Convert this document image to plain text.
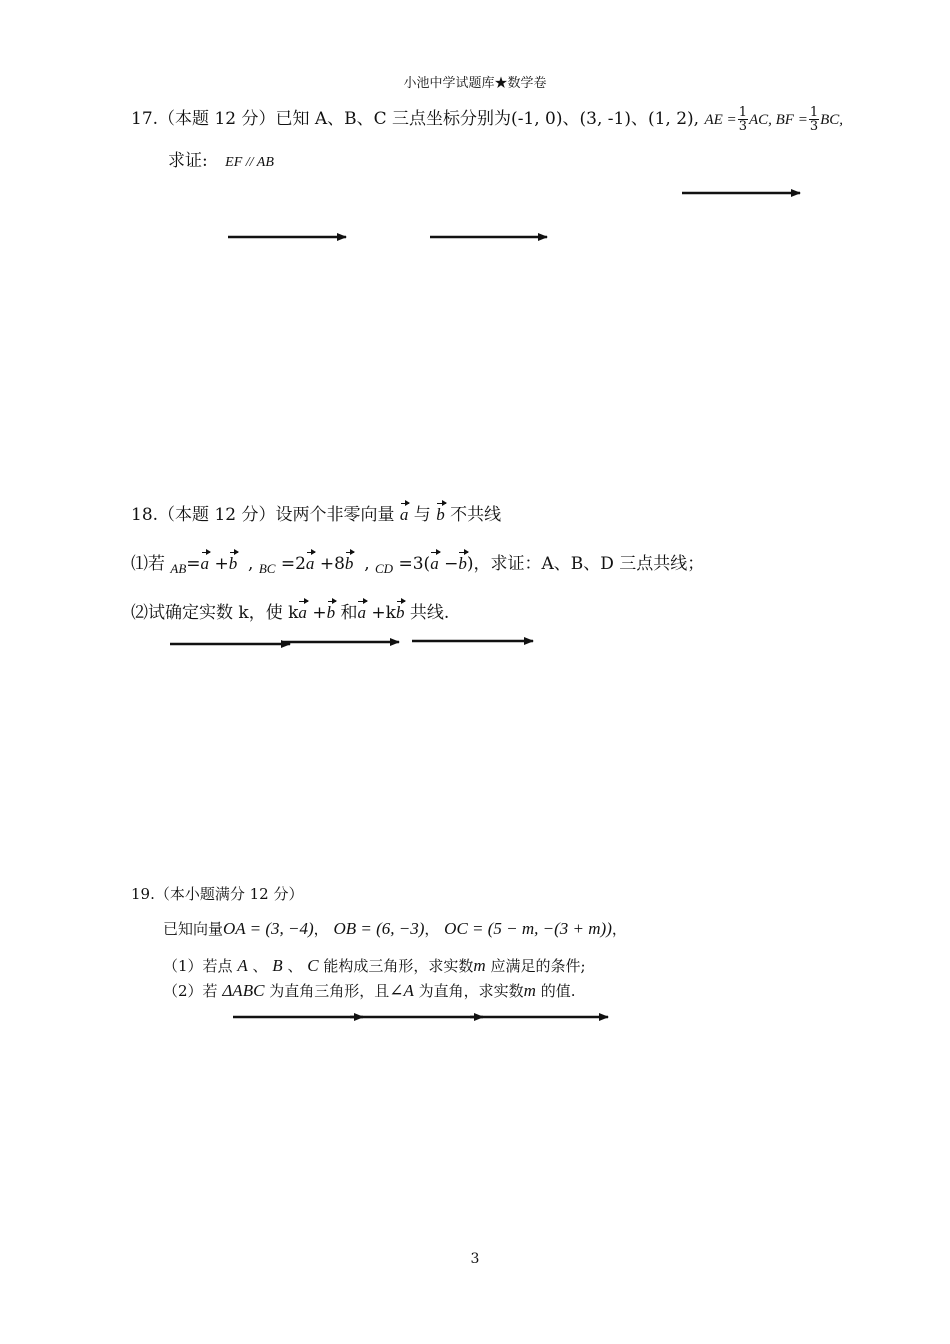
小池中学试题库★数学卷
17.（本题 12 分）已知 A、B、C 三点坐标分别为(-1, 0)、(3, -1)、(1, 2), AE = $\frac{1}{3}$ AC, BF = $\frac{1}{3}$ BC,
求证: EF // AB
18.（本题 12 分）设两个非零向量 a 与 b 不共线
⑴若 $_{AB}$=a +b  , $_{BC}$ =2a +8b  , $_{CD}$ =3(a −b)，求证：A、B、D 三点共线；
⑵试确定实数 k，使 ka +b 和a +kb 共线.
19.（本小题满分 12 分）
已知向量OA = (3, −4)， OB = (6, −3)， OC = (5 − m, −(3 + m))，
（1）若点 A 、 B 、 C 能构成三角形，求实数m 应满足的条件;
（2）若 ΔABC 为直角三角形，且∠A 为直角，求实数m 的值.
3
